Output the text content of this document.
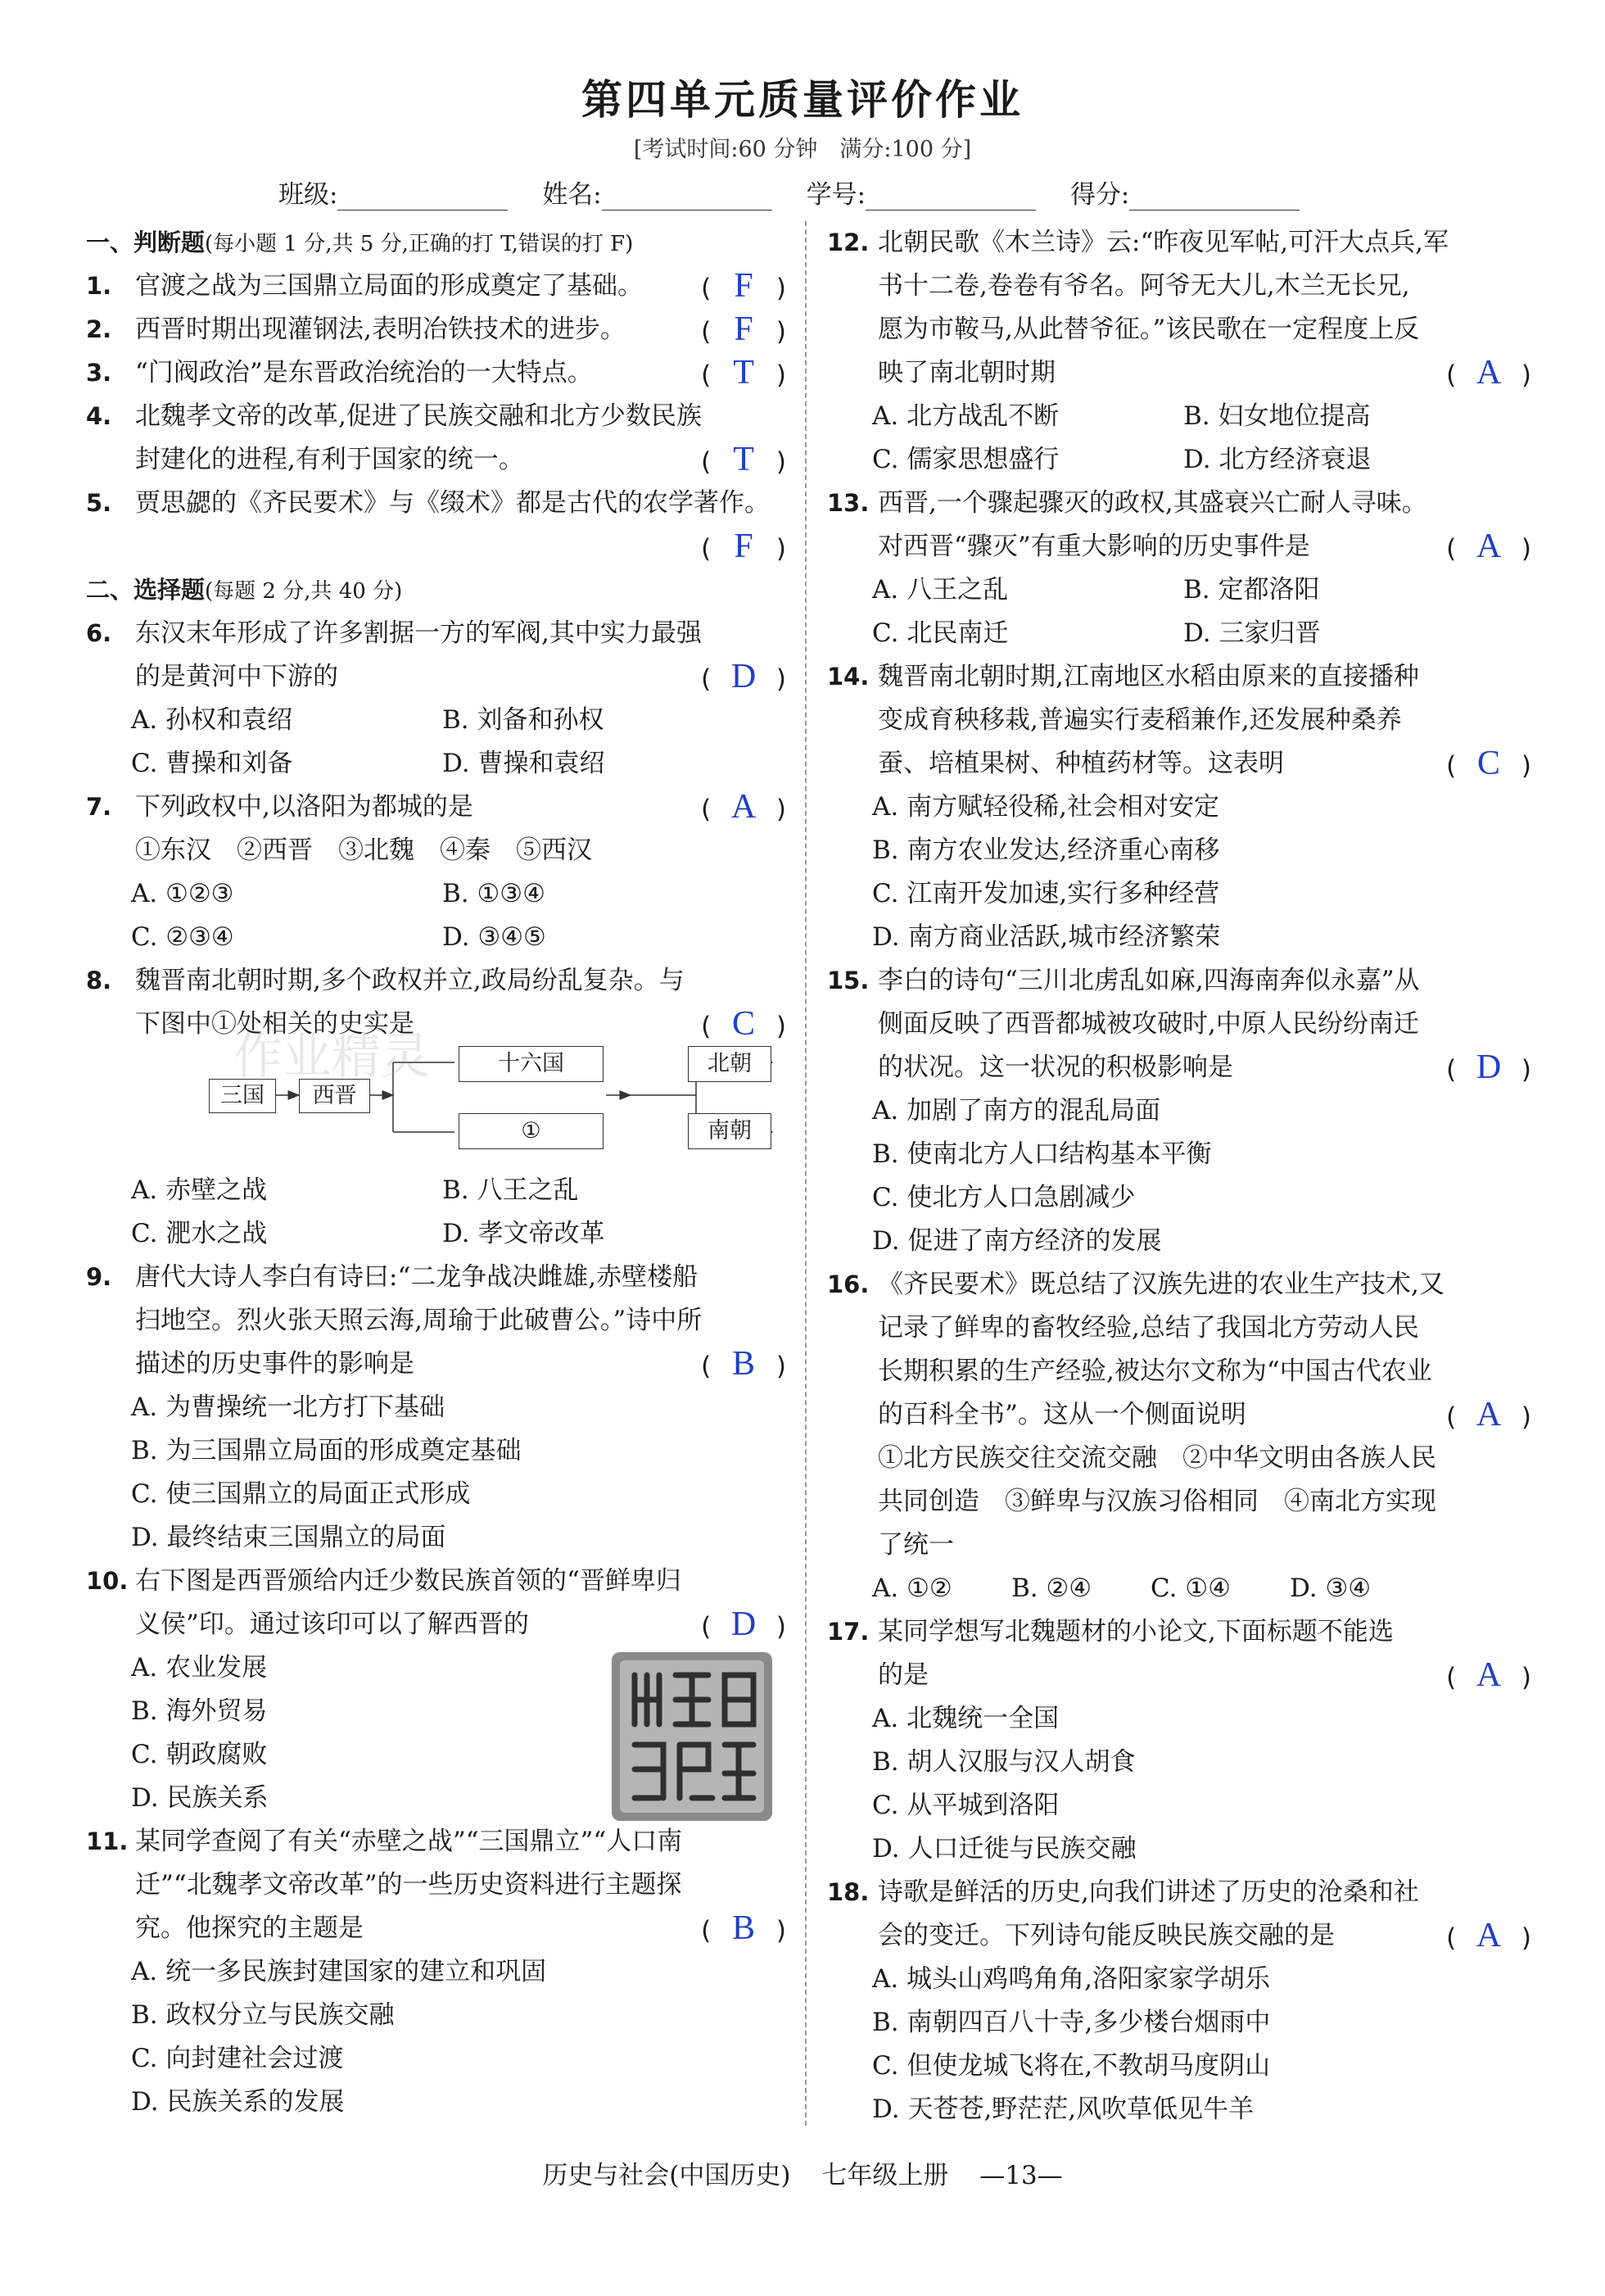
第四单元质量评价作业
[考试时间:60 分钟　满分:100 分]
班级:	姓名:	学号:	得分:
一、判断题(每小题 1 分,共 5 分,正确的打 T,错误的打 F)
1. 官渡之战为三国鼎立局面的形成奠定了基础。 ( F )
2. 西晋时期出现灌钢法,表明冶铁技术的进步。	( F )
3. “门阀政治”是东晋政治统治的一大特点。	( T )
4. 北魏孝文帝的改革,促进了民族交融和北方少数民族
封建化的进程,有利于国家的统一。	( T )
5. 贾思勰的《齐民要术》与《缀术》都是古代的农学著作。
( F )
二、选择题(每题 2 分,共 40 分)
6. 东汉末年形成了许多割据一方的军阀,其中实力最强
的是黄河中下游的	( D )
A. 孙权和袁绍	B. 刘备和孙权
C. 曹操和刘备	D. 曹操和袁绍
7. 下列政权中,以洛阳为都城的是	( A )
①东汉　②西晋　③北魏　④秦　⑤西汉
A. ①②③	B. ①③④
C. ②③④	D. ③④⑤
8. 魏晋南北朝时期,多个政权并立,政局纷乱复杂。与
下图中①处相关的史实是	( C )
三国	西晋
十六国
①
北朝
南朝
作业精灵
A. 赤壁之战	B. 八王之乱
C. 淝水之战	D. 孝文帝改革
9. 唐代大诗人李白有诗曰:“二龙争战决雌雄,赤壁楼船
扫地空。烈火张天照云海,周瑜于此破曹公。”诗中所
描述的历史事件的影响是	( B )
A. 为曹操统一北方打下基础
B. 为三国鼎立局面的形成奠定基础
C. 使三国鼎立的局面正式形成
D. 最终结束三国鼎立的局面
10. 右下图是西晋颁给内迁少数民族首领的“晋鲜卑归
义侯”印。通过该印可以了解西晋的	( D )
A. 农业发展
B. 海外贸易
C. 朝政腐败
D. 民族关系
11. 某同学查阅了有关“赤壁之战”“三国鼎立”“人口南
迁”“北魏孝文帝改革”的一些历史资料进行主题探
究。他探究的主题是	( B )
A. 统一多民族封建国家的建立和巩固
B. 政权分立与民族交融
C. 向封建社会过渡
D. 民族关系的发展
12. 北朝民歌《木兰诗》云:“昨夜见军帖,可汗大点兵,军
书十二卷,卷卷有爷名。阿爷无大儿,木兰无长兄,
愿为市鞍马,从此替爷征。”该民歌在一定程度上反
映了南北朝时期	( A )
A. 北方战乱不断	B. 妇女地位提高
C. 儒家思想盛行	D. 北方经济衰退
13. 西晋,一个骤起骤灭的政权,其盛衰兴亡耐人寻味。
对西晋“骤灭”有重大影响的历史事件是	( A )
A. 八王之乱	B. 定都洛阳
C. 北民南迁	D. 三家归晋
14. 魏晋南北朝时期,江南地区水稻由原来的直接播种
变成育秧移栽,普遍实行麦稻兼作,还发展种桑养
蚕、培植果树、种植药材等。这表明	( C )
A. 南方赋轻役稀,社会相对安定
B. 南方农业发达,经济重心南移
C. 江南开发加速,实行多种经营
D. 南方商业活跃,城市经济繁荣
15. 李白的诗句“三川北虏乱如麻,四海南奔似永嘉”从
侧面反映了西晋都城被攻破时,中原人民纷纷南迁
的状况。这一状况的积极影响是	( D )
A. 加剧了南方的混乱局面
B. 使南北方人口结构基本平衡
C. 使北方人口急剧减少
D. 促进了南方经济的发展
16. 《齐民要术》既总结了汉族先进的农业生产技术,又
记录了鲜卑的畜牧经验,总结了我国北方劳动人民
长期积累的生产经验,被达尔文称为“中国古代农业
的百科全书”。这从一个侧面说明	( A )
①北方民族交往交流交融　②中华文明由各族人民
共同创造　③鲜卑与汉族习俗相同　④南北方实现
了统一
A. ①② B. ②④ C. ①④ D. ③④
17. 某同学想写北魏题材的小论文,下面标题不能选
的是	( A )
A. 北魏统一全国
B. 胡人汉服与汉人胡食
C. 从平城到洛阳
D. 人口迁徙与民族交融
18. 诗歌是鲜活的历史,向我们讲述了历史的沧桑和社
会的变迁。下列诗句能反映民族交融的是	( A )
A. 城头山鸡鸣角角,洛阳家家学胡乐
B. 南朝四百八十寺,多少楼台烟雨中
C. 但使龙城飞将在,不教胡马度阴山
D. 天苍苍,野茫茫,风吹草低见牛羊
历史与社会(中国历史) 七年级上册 —13—
